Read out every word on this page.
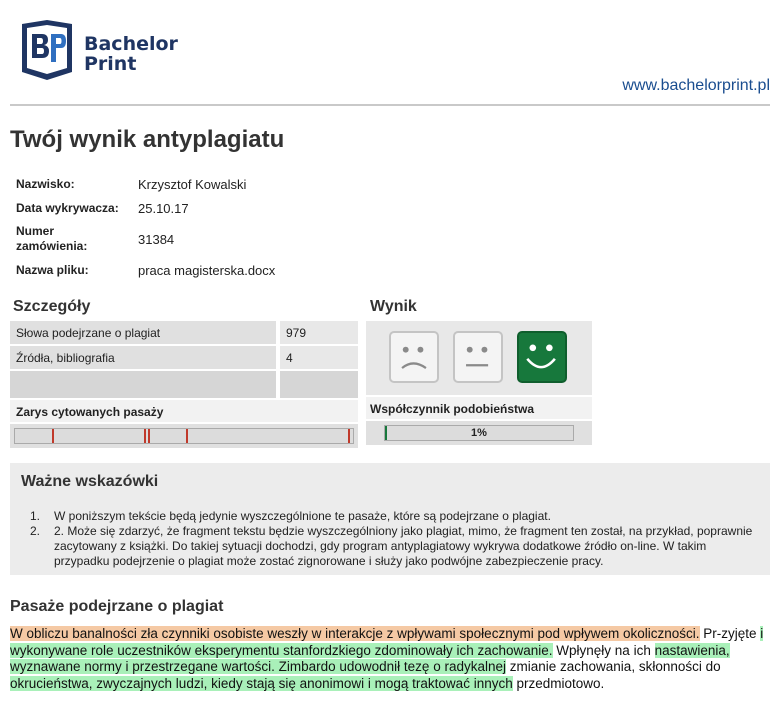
Bachelor
Print
www.bachelorprint.pl
Twój wynik antyplagiatu
Nazwisko:	Krzysztof Kowalski
Data wykrywacza:	25.10.17
Numer zamówienia:	31384
Nazwa pliku:	praca magisterska.docx
Szczegóły	Wynik
Słowa podejrzane o plagiat	979
Źródła, bibliografia	4
Zarys cytowanych pasaży	Współczynnik podobieństwa
1%
Ważne wskazówki
1.	W poniższym tekście będą jedynie wyszczególnione te pasaże, które są podejrzane o plagiat.
2.	2. Może się zdarzyć, że fragment tekstu będzie wyszczególniony jako plagiat, mimo, że fragment ten został, na przykład, poprawnie zacytowany z książki. Do takiej sytuacji dochodzi, gdy program antyplagiatowy wykrywa dodatkowe źródło on-line. W takim przypadku podejrzenie o plagiat może zostać zignorowane i służy jako podwójne zabezpieczenie pracy.
Pasaże podejrzane o plagiat
W obliczu banalności zła czynniki osobiste weszły w interakcje z wpływami społecznymi pod wpływem okoliczności. Pr-zyjęte i wykonywane role uczestników eksperymentu stanfordzkiego zdominowały ich zachowanie. Wpłynęły na ich nastawienia, wyznawane normy i przestrzegane wartości. Zimbardo udowodnił tezę o radykalnej zmianie zachowania, skłonności do okrucieństwa, zwyczajnych ludzi, kiedy stają się anonimowi i mogą traktować innych przedmiotowo.
